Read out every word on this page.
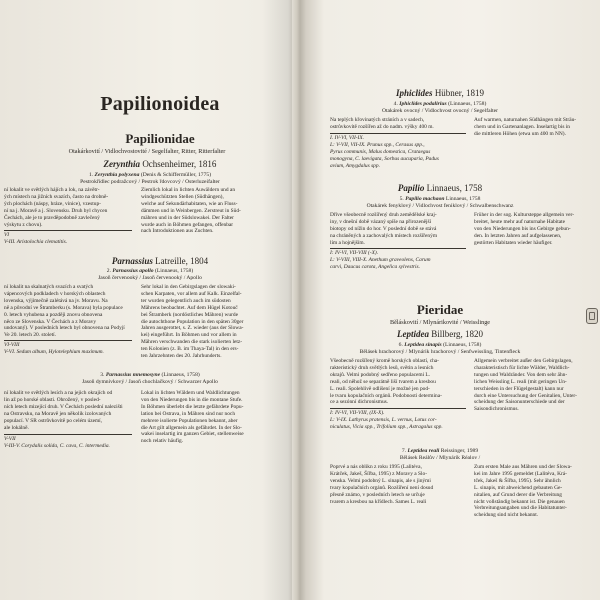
Papilionoidea
Papilionidae
Otakárkovití / Vidlochvostovité / Segelfalter, Ritter, Ritterfalter
Zerynthia Ochsenheimer, 1816
1. Zerynthia polyxena (Denis & Schiffermüller, 1775)
Pestrokřídlec podražcový / Pestrok řdovcový / Osterluzeifalter
ní lokalit ve světlých hájích a lok, na závětr-
ých místech na jižních svazích, často na drobně-
ých plochách (náspy, hráze, vinice), vzestup-
ní na j. Moravě a j. Slovensku. Druh byl chycen
Čechách, ale je to pravděpodobně zavlečený
výskytu z chovu).
VI
V-III. Aristolochia clematitis.
Ziemlich lokal in lichten Auwäldern und an
windgeschützten Stellen (Südhängen),
welche auf Sekundärhabitaten, wie an Fluss-
dämmen und in Weinbergen. Zerstreut in Süd-
mähren und in der Südslowakei. Der Falter
wurde auch in Böhmen gefangen, offenbar
nach Introduktionen aus Zuchten.
Parnassius Latreille, 1804
2. Parnassius apollo (Linnaeus, 1758)
Jasoň červenooký / Jasoň červenooký / Apollo
ní lokalit na skalnatých svazích a svatých
vápencových podkladech v horských oblastech
lovenska, výjimečně zalétává na jv. Moravu. Na
ně a původní ve Štramberku (s. Morava) byla populace
0. letech vyhubena a později znovu obnovena
něco ze Slovenska. V Čechách a z Moravy
undovaný). V posledních letech byl obnovena na Podyjí
Ve 20. letech 20. století.
VI-VIII
V-VI. Sedum album, Hylotelephium maximum.
Sehr lokal in den Gebirgslagen der slowaki-
schen Karpaten, vor allem auf Kalk. Einzelfal-
ter wurden gelegentlich auch im südosten
Mährens beobachtet. Auf dem Hügel Kotouč
bei Štramberk (nordöstliches Mähren) wurde
die autochthone Population in den späten 30ger
Jahren ausgerottet, s. Z. wieder (aus der Slowa-
kei) eingeführt. In Böhmen und vor allem in
Mähren verschwanden die stark isolierten letz-
ten Kolonien (z. B. im Thaya-Tal) in den ers-
ten Jahrzehnten des 20. Jahrhunderts.
3. Parnassius mnemosyne (Linnaeus, 1758)
Jasoň dymnivkový / Jasoň chochlačkový / Schwarzer Apollo
ní lokalit ve světlých lesích a na jejich okrajích od
lin až po horské oblasti. Ohrožený, v posled-
ních letech mizející druh. V Čechách poslední nalezišti
na Ostravsku, na Moravě jen několik izolovaných
populací. V SR ostrůvkovitě po celém území,
ale lokálně.
V-VII
V-III-V. Corydalis solida, C. cava, C. intermedia.
Lokal in lichten Wäldern und Waldlichtungen
von den Niederungen bis in die montane Stufe.
In Böhmen überlebt die letzte gefährdete Popu-
lation bei Ostrava, in Mähren sind nur noch
mehrere isolierte Populationen bekannt, aber
die Art gilt allgemein als gefährdet. In der Slo-
wakei inselartig im ganzen Gebiet, stellenweise
noch relativ häufig.
Iphiclides Hübner, 1819
4. Iphiclides podalirius (Linnaeus, 1758)
Otakárek ovocný / Vidlochvost ovocný / Segelfalter
Na teplých křovinatých stráních a v sadech,
ostrůvkovitě rozšířen až do nadm. výšky 400 m.
I. IV-VI, VII-IX.
L: V-VII, VII-IX. Prunus spp., Cerasus spp.,
Pyrus communis, Malus domestica, Crataegus
monogyna, C. laevigata, Sorbus aucuparia, Padus
avium, Amygdalus spp.
Auf warmen, naturnahen Südhängen mit Sträu-
chern und in Gartenanlagen. Inselartig bis in
die mittleren Höhen (etwa um 400 m NN).
Papilio Linnaeus, 1758
5. Papilio machaon Linnaeus, 1758
Otakárek fenyklový / Vidlochvost feniklový / Schwalbenschwanz
Dříve všeobecně rozšířený druh zemědělské kraj-
iny, v dnešní době vázaný spíše na přirozenější
biotopy od nížin do hor. V poslední době se stává
na chráněných a zachovalých místech rozšířeným
lím a hojnějším.
I: IV-VI, VII-VIII (-X).
L: V-VIII, VIII-X. Anethum graveolens, Carum
carvi, Daucus carota, Angelica sylvestris.
Früher in der sog. Kultursteppe allgemein ver-
breitet, heute mehr auf naturnahe Habitate
von den Niederungen bis ins Gebirge gebun-
den. In letzten Jahren auf aufgelassenen,
gestörten Habitaten wieder häufiger.
Pieridae
Běláskovití / Mlynárikovité / Weisslinge
Leptidea Billberg, 1820
6. Leptidea sinapis (Linnaeus, 1758)
Bělásek hrachorový / Mlynárik hrachorový / Senfweissling, Tintenfleck
Všeobecně rozšířený kromě horských oblastí, cha-
rakteristický druh světlých lesů, světin a lesních
okrajů. Velmi podobný sedřeno populacemi L.
reali, od něhož se separátně liší tvarem a kresbou
L. reali. Spolehlivě odlišení je možné jen pod-
le tvaru kopulačních orgánů. Podobnosti determina-
ce a sezónní dichronismus.
I: IV-VI, VII-VIII, (IX-X).
L: V-IX. Lathyrus pratensis, L. vernus, Lotus cor-
niculatus, Vicia spp., Trifolium spp., Astragalus spp.
Allgemein verbreitet außer den Gebirgslagen,
charakteristisch für lichte Wälder, Waldlich-
tungen und Waldränder. Von dem sehr ähn-
lichen Weissling L. reali (mit geringen Un-
terschieden in der Flügelgestalt) kann nur
durch eine Untersuchung der Genitalien, Unter-
scheidung der Saisonunterschiede und der
Saisondichronismus.
7. Leptidea reali Reissinger, 1989
Bělásek Reálův / Mlynárik Réalov /
Poprvé a nás oblikn z roku 1995 (Lalitéva,
Krátček, Jakeš, Šířba, 1995) z Moravy a Slo-
venska. Velmi podobný L. sinapis, ale s jinými
tvary kopulačních orgánů. Rozšíření není dosud
přesně známo, v posledních letech se určuje
tvarem a kresbou na křídlech. Sames L. reali
Zum ersten Male aus Mähren und der Slowa-
kei im Jahre 1995 gemeldet (Lalitéva, Krá-
tček, Jakeš & Šířba, 1995). Sehr ähnlich
L. sinapis, mit abweichend gebauten Ge-
nitalien, auf Grund derer die Verbreitung
nicht vollständig bekannt ist. Die genauen
Verbreitungsangaben und die Habitatunter-
scheidung sind nicht bekannt.
